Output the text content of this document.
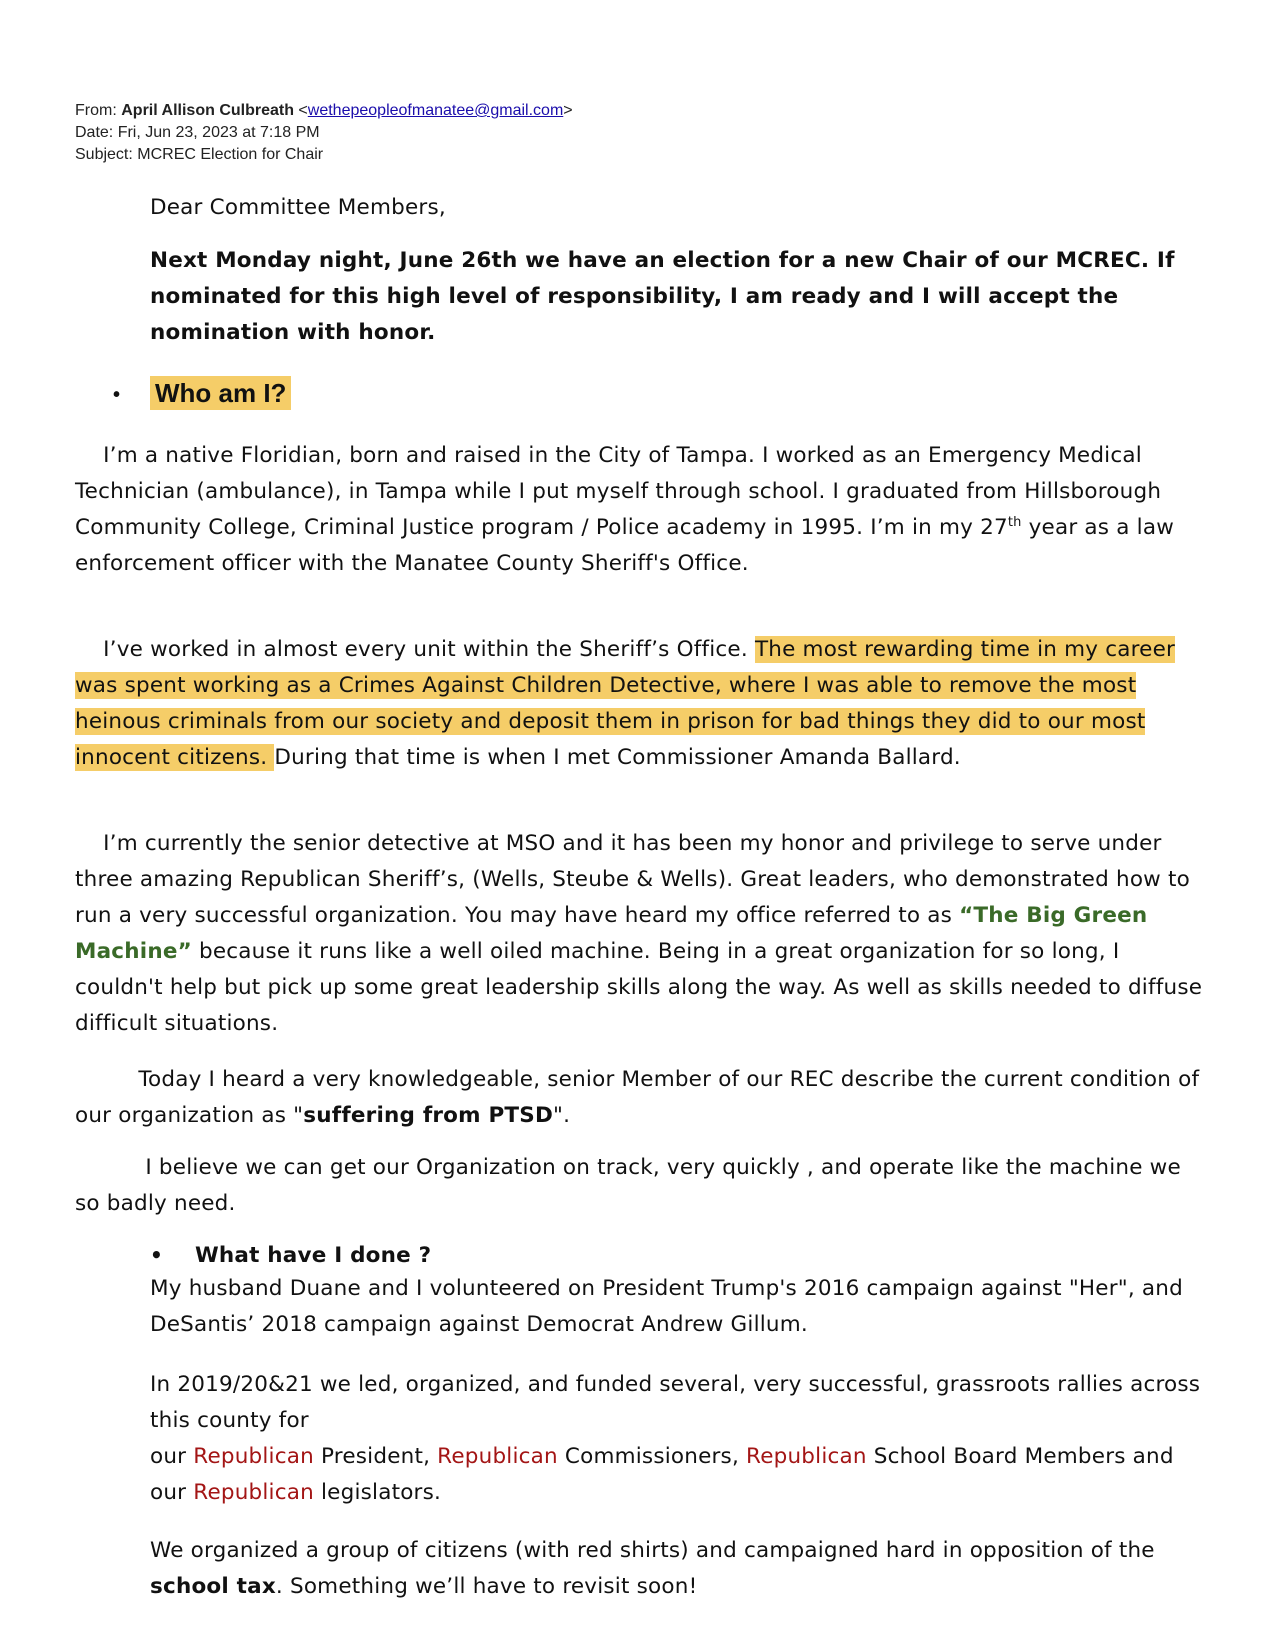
From: April Allison Culbreath <wethepeopleofmanatee@gmail.com>
Date: Fri, Jun 23, 2023 at 7:18 PM
Subject: MCREC Election for Chair
Dear Committee Members,
Next Monday night, June 26th we have an election for a new Chair of our MCREC. If nominated for this high level of responsibility, I am ready and I will accept the nomination with honor.
• Who am I?
I’m a native Floridian, born and raised in the City of Tampa. I worked as an Emergency Medical Technician (ambulance), in Tampa while I put myself through school. I graduated from Hillsborough Community College, Criminal Justice program / Police academy in 1995. I’m in my 27th year as a law enforcement officer with the Manatee County Sheriff's Office.
I’ve worked in almost every unit within the Sheriff’s Office. The most rewarding time in my career was spent working as a Crimes Against Children Detective, where I was able to remove the most heinous criminals from our society and deposit them in prison for bad things they did to our most innocent citizens. During that time is when I met Commissioner Amanda Ballard.
I’m currently the senior detective at MSO and it has been my honor and privilege to serve under three amazing Republican Sheriff’s, (Wells, Steube & Wells). Great leaders, who demonstrated how to run a very successful organization. You may have heard my office referred to as “The Big Green Machine” because it runs like a well oiled machine. Being in a great organization for so long, I couldn't help but pick up some great leadership skills along the way. As well as skills needed to diffuse difficult situations.
Today I heard a very knowledgeable, senior Member of our REC describe the current condition of our organization as "suffering from PTSD".
I believe we can get our Organization on track, very quickly , and operate like the machine we so badly need.
• What have I done ?
My husband Duane and I volunteered on President Trump's 2016 campaign against "Her", and DeSantis’ 2018 campaign against Democrat Andrew Gillum.
In 2019/20&21 we led, organized, and funded several, very successful, grassroots rallies across this county for
our Republican President, Republican Commissioners, Republican School Board Members and our Republican legislators.
We organized a group of citizens (with red shirts) and campaigned hard in opposition of the school tax. Something we’ll have to revisit soon!
